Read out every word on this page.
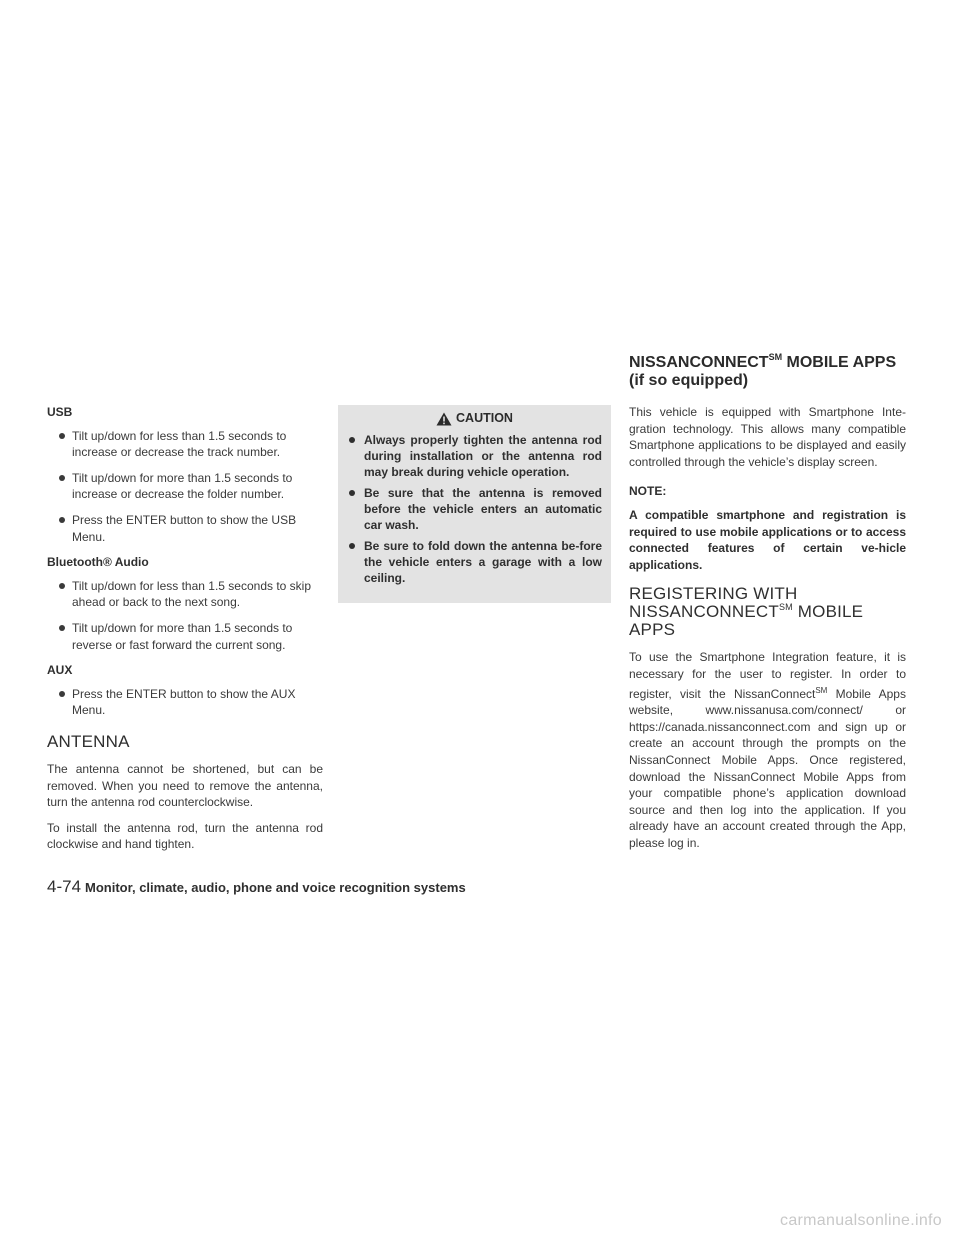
NISSANCONNECT℠ MOBILE APPS
(if so equipped)

USB

Tilt up/down for less than 1.5 seconds to increase or decrease the track number.
Tilt up/down for more than 1.5 seconds to increase or decrease the folder number.
Press the ENTER button to show the USB Menu.

Bluetooth® Audio

Tilt up/down for less than 1.5 seconds to skip ahead or back to the next song.
Tilt up/down for more than 1.5 seconds to reverse or fast forward the current song.

AUX

Press the ENTER button to show the AUX Menu.
ANTENNA

The antenna cannot be shortened, but can be removed. When you need to remove the antenna, turn the antenna rod counterclockwise.

To install the antenna rod, turn the antenna rod clockwise and hand tighten.

CAUTION
Always properly tighten the antenna rod during installation or the antenna rod may break during vehicle operation.
Be sure that the antenna is removed before the vehicle enters an automatic car wash.
Be sure to fold down the antenna be-fore the vehicle enters a garage with a low ceiling.

This vehicle is equipped with Smartphone Inte-gration technology. This allows many compatible Smartphone applications to be displayed and easily controlled through the vehicle’s display screen.

NOTE:

A compatible smartphone and registration is required to use mobile applications or to access connected features of certain ve-hicle applications.

REGISTERING WITH
NISSANCONNECT℠ MOBILE APPS

To use the Smartphone Integration feature, it is necessary for the user to register. In order to register, visit the NissanConnect℠ Mobile Apps website, www.nissanusa.com/connect/ or https://canada.nissanconnect.com and sign up or create an account through the prompts on the NissanConnect Mobile Apps. Once registered, download the NissanConnect Mobile Apps from your compatible phone’s application download source and then log into the application. If you already have an account created through the App, please log in.

4-74 Monitor, climate, audio, phone and voice recognition systems
carmanualsonline.info
